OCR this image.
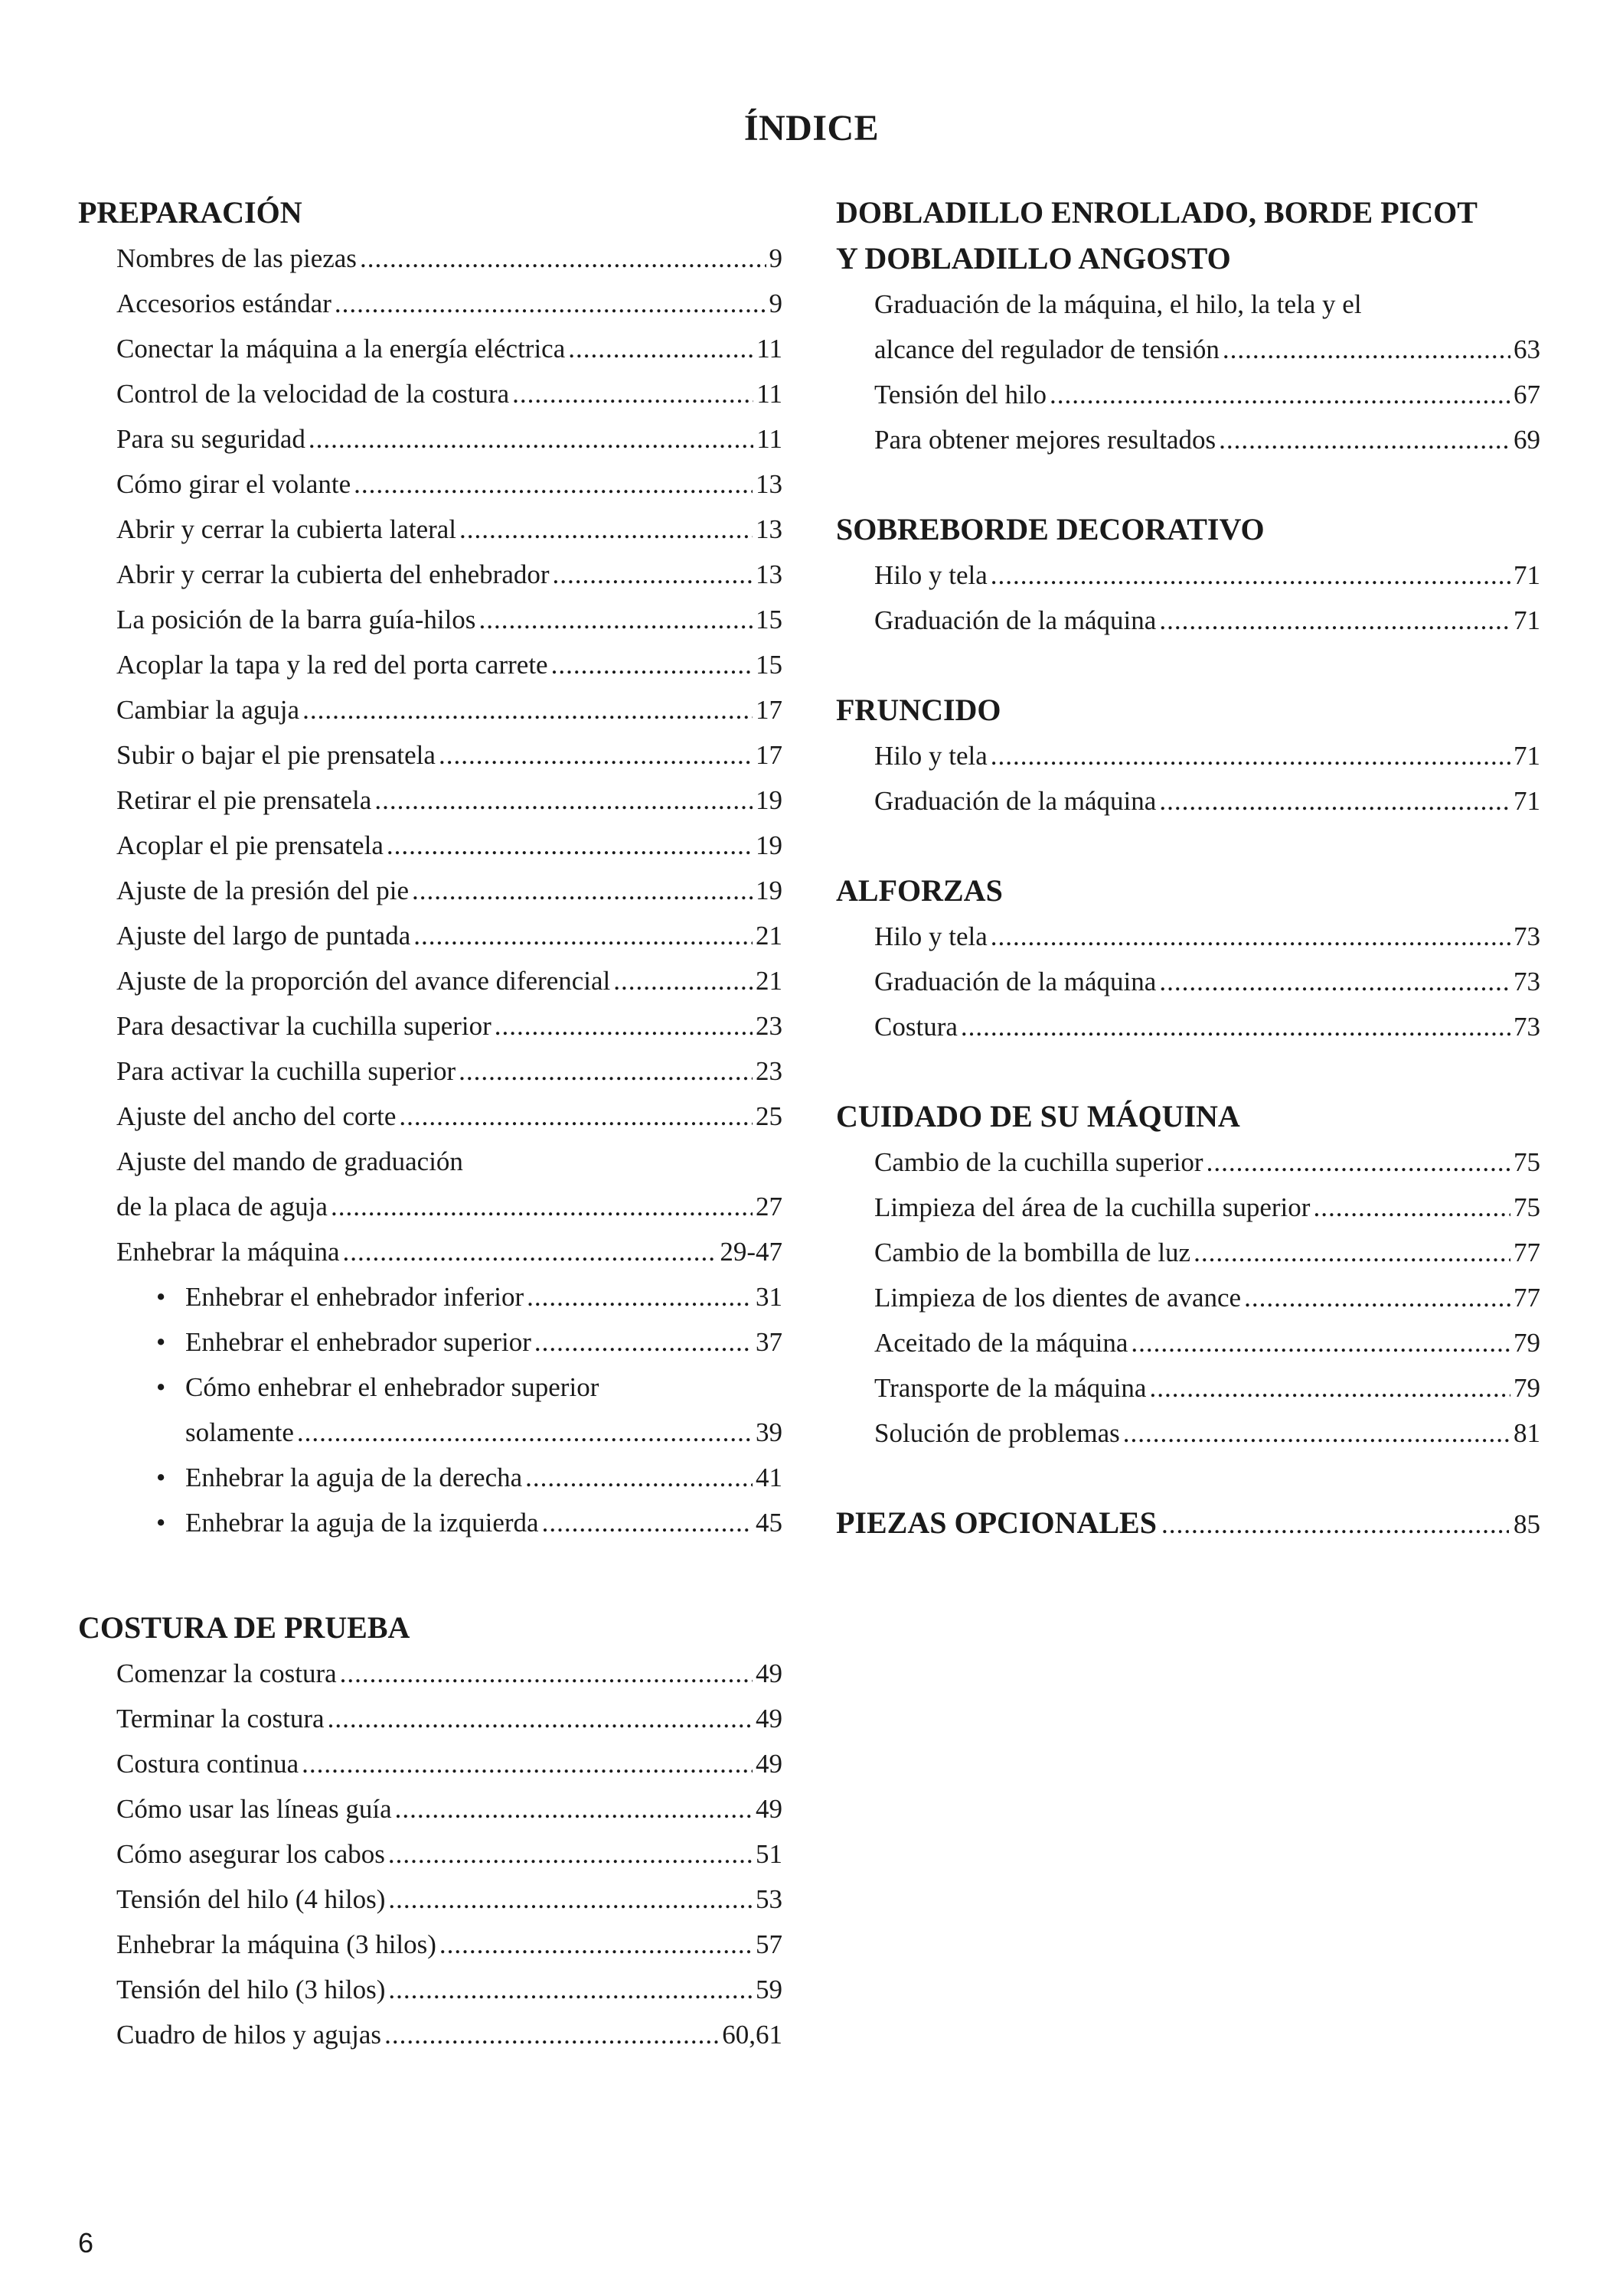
ÍNDICE
PREPARACIÓN
Nombres de las piezas .....	9
Accesorios estándar .....	9
Conectar la máquina a la energía eléctrica .....	11
Control de la velocidad de la costura .....	11
Para su seguridad .....	11
Cómo girar el volante .....	13
Abrir y cerrar la cubierta lateral .....	13
Abrir y cerrar la cubierta del enhebrador .....	13
La posición de la barra guía-hilos .....	15
Acoplar la tapa y la red del porta carrete .....	15
Cambiar la aguja .....	17
Subir o bajar el pie prensatela .....	17
Retirar el pie prensatela .....	19
Acoplar el pie prensatela .....	19
Ajuste de la presión del pie .....	19
Ajuste del largo de puntada .....	21
Ajuste de la proporción del avance diferencial .....	21
Para desactivar la cuchilla superior .....	23
Para activar la cuchilla superior .....	23
Ajuste del ancho del corte .....	25
Ajuste del mando de graduación
de la placa de aguja .....	27
Enhebrar la máquina .....	29-47
• Enhebrar el enhebrador inferior .....	31
• Enhebrar el enhebrador superior .....	37
• Cómo enhebrar el enhebrador superior
solamente .....	39
• Enhebrar la aguja de la derecha .....	41
• Enhebrar la aguja de la izquierda .....	45
COSTURA DE PRUEBA
Comenzar la costura .....	49
Terminar la costura .....	49
Costura continua .....	49
Cómo usar las líneas guía .....	49
Cómo asegurar los cabos .....	51
Tensión del hilo (4 hilos) .....	53
Enhebrar la máquina (3 hilos) .....	57
Tensión del hilo (3 hilos) .....	59
Cuadro de hilos y agujas .....	60,61
DOBLADILLO ENROLLADO, BORDE PICOT
Y DOBLADILLO ANGOSTO
Graduación de la máquina, el hilo, la tela y el
alcance del regulador de tensión .....	63
Tensión del hilo .....	67
Para obtener mejores resultados .....	69
SOBREBORDE DECORATIVO
Hilo y tela .....	71
Graduación de la máquina .....	71
FRUNCIDO
Hilo y tela .....	71
Graduación de la máquina .....	71
ALFORZAS
Hilo y tela .....	73
Graduación de la máquina .....	73
Costura .....	73
CUIDADO DE SU MÁQUINA
Cambio de la cuchilla superior .....	75
Limpieza del área de la cuchilla superior .....	75
Cambio de la bombilla de luz .....	77
Limpieza de los dientes de avance .....	77
Aceitado de la máquina .....	79
Transporte de la máquina .....	79
Solución de problemas .....	81
PIEZAS OPCIONALES .....	85
6
